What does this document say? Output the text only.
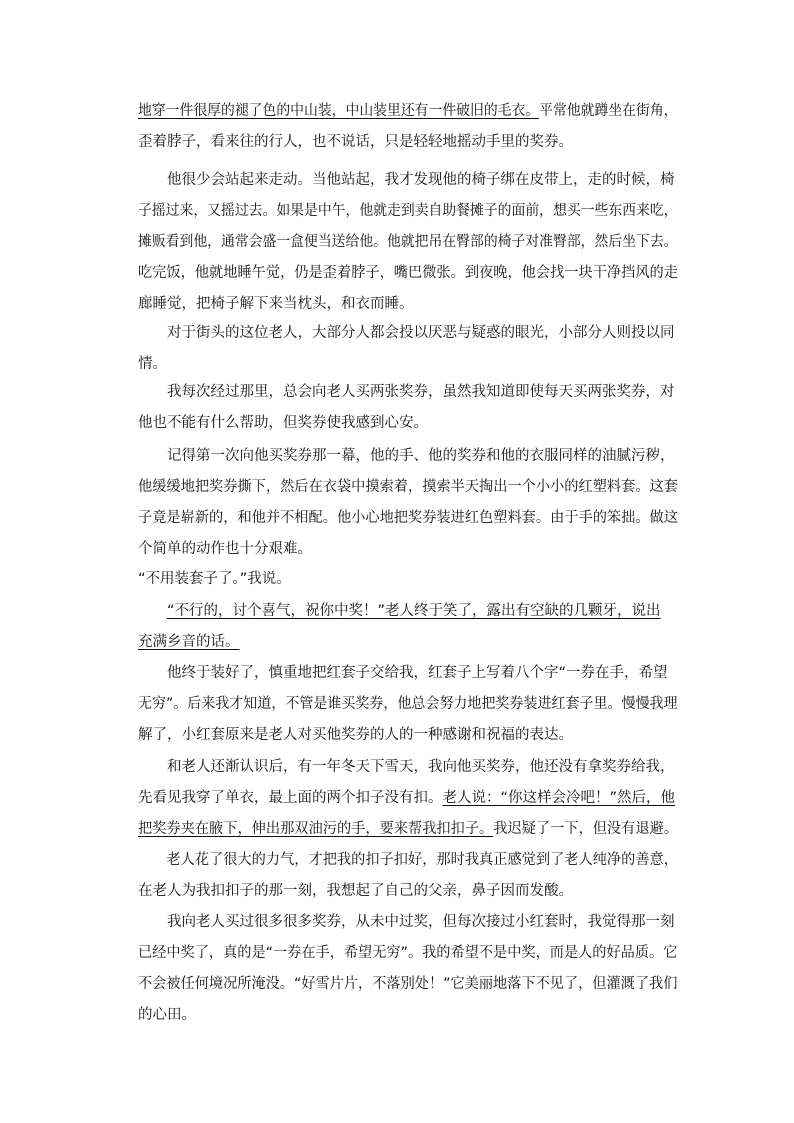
地穿一件很厚的褪了色的中山装，中山装里还有一件破旧的毛衣。平常他就蹲坐在街角，
歪着脖子，看来往的行人，也不说话，只是轻轻地摇动手里的奖券。
　　他很少会站起来走动。当他站起，我才发现他的椅子绑在皮带上，走的时候，椅
子摇过来，又摇过去。如果是中午，他就走到卖自助餐摊子的面前，想买一些东西来吃，
摊贩看到他，通常会盛一盒便当送给他。他就把吊在臀部的椅子对准臀部，然后坐下去。
吃完饭，他就地睡午觉，仍是歪着脖子，嘴巴微张。到夜晚，他会找一块干净挡风的走
廊睡觉，把椅子解下来当枕头，和衣而睡。
　　对于街头的这位老人，大部分人都会投以厌恶与疑惑的眼光，小部分人则投以同
情。
　　我每次经过那里，总会向老人买两张奖券，虽然我知道即使每天买两张奖券，对
他也不能有什么帮助，但奖券使我感到心安。
　　记得第一次向他买奖券那一幕，他的手、他的奖券和他的衣服同样的油腻污秽，
他缓缓地把奖券撕下，然后在衣袋中摸索着，摸索半天掏出一个小小的红塑料套。这套
子竟是崭新的，和他并不相配。他小心地把奖券装进红色塑料套。由于手的笨拙。做这
个简单的动作也十分艰难。
“不用装套子了。”我说。
　　“不行的，讨个喜气，祝你中奖！”老人终于笑了，露出有空缺的几颗牙，说出
充满乡音的话。
　　他终于装好了，慎重地把红套子交给我，红套子上写着八个字“一券在手，希望
无穷”。后来我才知道，不管是谁买奖券，他总会努力地把奖券装进红套子里。慢慢我理
解了，小红套原来是老人对买他奖券的人的一种感谢和祝福的表达。
　　和老人还渐认识后，有一年冬天下雪天，我向他买奖券，他还没有拿奖券给我，
先看见我穿了单衣，最上面的两个扣子没有扣。老人说：“你这样会冷吧！”然后，他
把奖券夹在腋下，伸出那双油污的手，要来帮我扣扣子。我迟疑了一下，但没有退避。
　　老人花了很大的力气，才把我的扣子扣好，那时我真正感觉到了老人纯净的善意，
在老人为我扣扣子的那一刻，我想起了自己的父亲，鼻子因而发酸。
　　我向老人买过很多很多奖券，从未中过奖，但每次接过小红套时，我觉得那一刻
已经中奖了，真的是“一券在手，希望无穷”。我的希望不是中奖，而是人的好品质。它
不会被任何境况所淹没。“好雪片片，不落别处！”它美丽地落下不见了，但灌溉了我们
的心田。
